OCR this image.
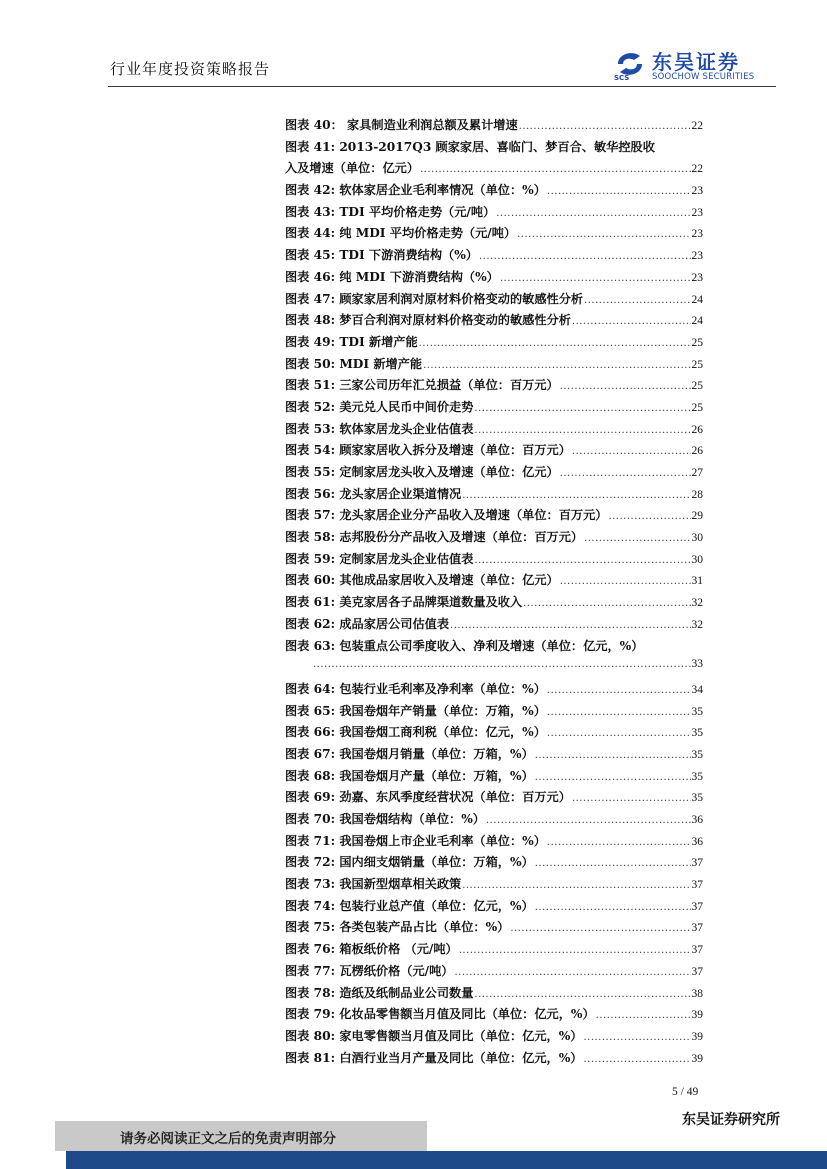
行业年度投资策略报告	SCS
东吴证券
SOOCHOW SECURITIES
图表 40： 家具制造业利润总额及累计增速 .....	22
图表 41: 2013-2017Q3 顾家家居、喜临门、梦百合、敏华控股收
入及增速（单位：亿元） .....	22
图表 42: 软体家居企业毛利率情况（单位：%） .....	23
图表 43: TDI 平均价格走势（元/吨） .....	23
图表 44: 纯 MDI 平均价格走势（元/吨） .....	23
图表 45: TDI 下游消费结构（%） .....	23
图表 46: 纯 MDI 下游消费结构（%） .....	23
图表 47: 顾家家居利润对原材料价格变动的敏感性分析 .....	24
图表 48: 梦百合利润对原材料价格变动的敏感性分析 .....	24
图表 49: TDI 新增产能 .....	25
图表 50: MDI 新增产能 .....	25
图表 51: 三家公司历年汇兑损益（单位：百万元） .....	25
图表 52: 美元兑人民币中间价走势 .....	25
图表 53: 软体家居龙头企业估值表 .....	26
图表 54: 顾家家居收入拆分及增速（单位：百万元） .....	26
图表 55: 定制家居龙头收入及增速（单位：亿元） .....	27
图表 56: 龙头家居企业渠道情况 .....	28
图表 57: 龙头家居企业分产品收入及增速（单位：百万元） .....	29
图表 58: 志邦股份分产品收入及增速（单位：百万元） .....	30
图表 59: 定制家居龙头企业估值表 .....	30
图表 60: 其他成品家居收入及增速（单位：亿元） .....	31
图表 61: 美克家居各子品牌渠道数量及收入 .....	32
图表 62: 成品家居公司估值表 .....	32
图表 63: 包装重点公司季度收入、净利及增速（单位：亿元，%）
.....
33
图表 64: 包装行业毛利率及净利率（单位：%） .....	34
图表 65: 我国卷烟年产销量（单位：万箱，%） .....	35
图表 66: 我国卷烟工商利税（单位：亿元，%） .....	35
图表 67: 我国卷烟月销量（单位：万箱，%） .....	35
图表 68: 我国卷烟月产量（单位：万箱，%） .....	35
图表 69: 劲嘉、东风季度经营状况（单位：百万元） .....	35
图表 70: 我国卷烟结构（单位：%） .....	36
图表 71: 我国卷烟上市企业毛利率（单位：%） .....	36
图表 72: 国内细支烟销量（单位：万箱，%） .....	37
图表 73: 我国新型烟草相关政策 .....	37
图表 74: 包装行业总产值（单位：亿元，%） .....	37
图表 75: 各类包装产品占比（单位：%） .....	37
图表 76: 箱板纸价格 （元/吨） .....	37
图表 77: 瓦楞纸价格（元/吨） .....	37
图表 78: 造纸及纸制品业公司数量 .....	38
图表 79: 化妆品零售额当月值及同比（单位：亿元，%） .....	39
图表 80: 家电零售额当月值及同比（单位：亿元，%） .....	39
图表 81: 白酒行业当月产量及同比（单位：亿元，%） .....	39
5 / 49
东吴证券研究所
请务必阅读正文之后的免责声明部分
